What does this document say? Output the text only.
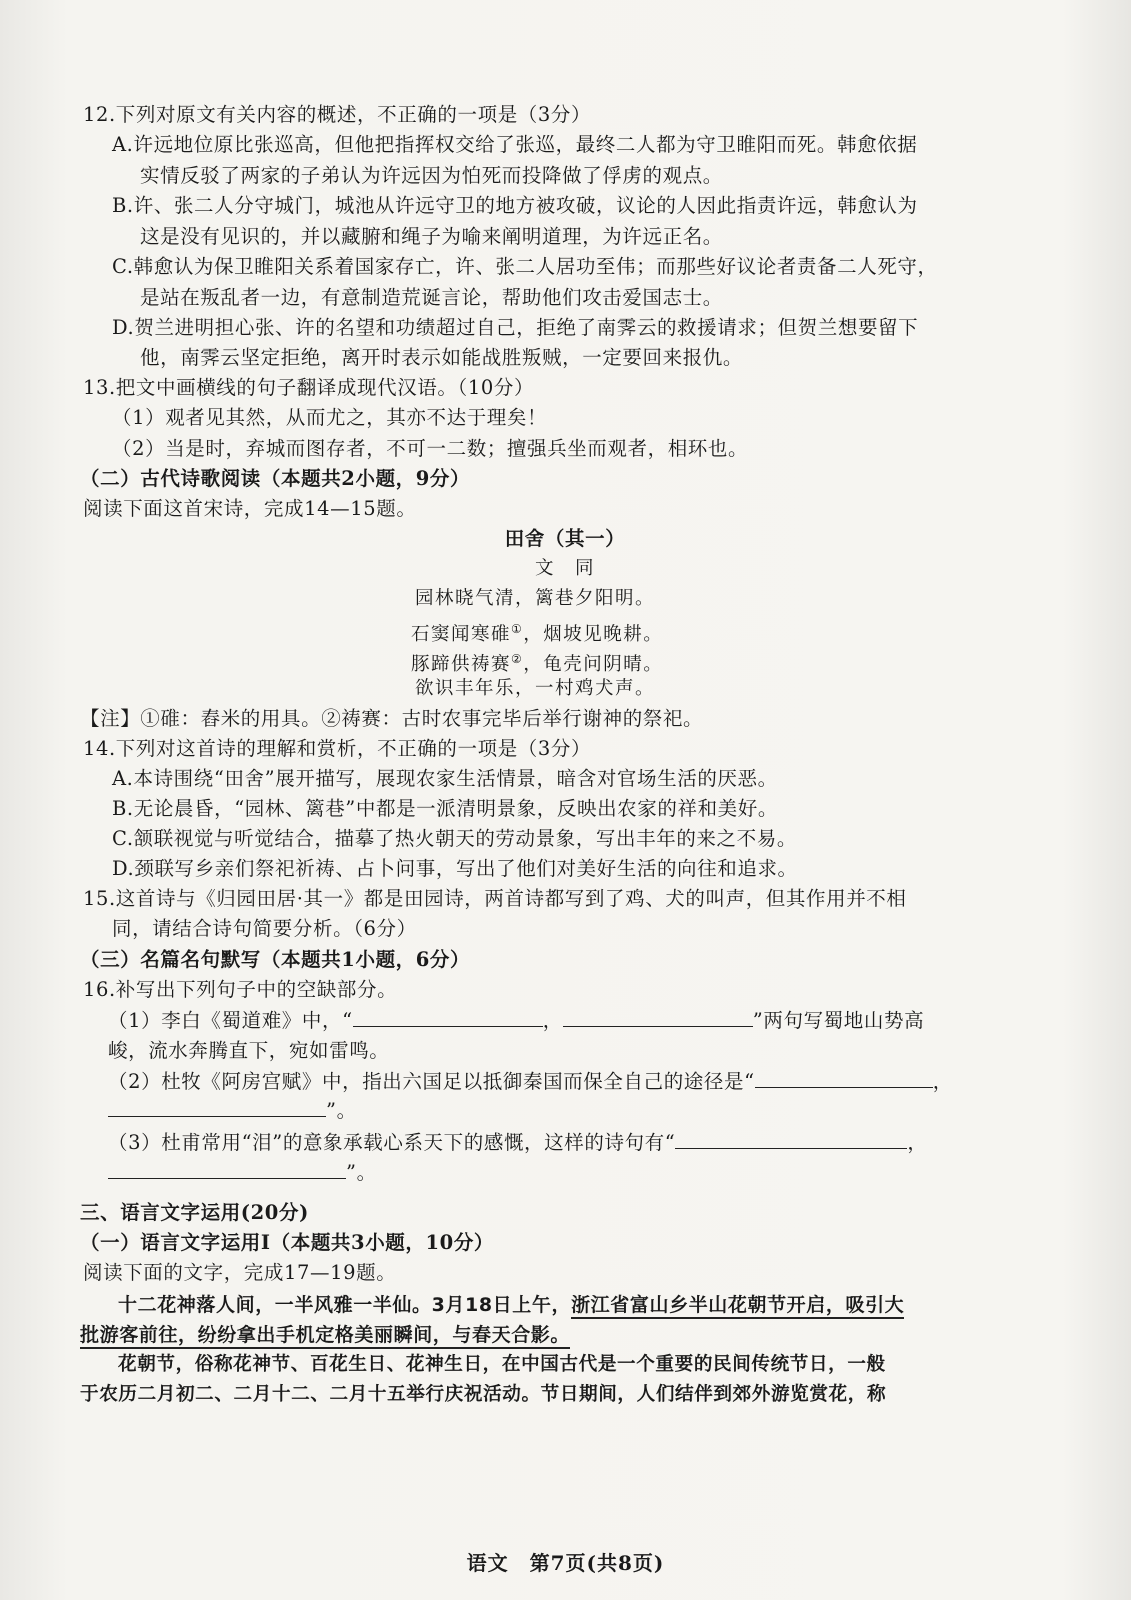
12.下列对原文有关内容的概述，不正确的一项是（3分）
A.许远地位原比张巡高，但他把指挥权交给了张巡，最终二人都为守卫睢阳而死。韩愈依据
实情反驳了两家的子弟认为许远因为怕死而投降做了俘虏的观点。
B.许、张二人分守城门，城池从许远守卫的地方被攻破，议论的人因此指责许远，韩愈认为
这是没有见识的，并以藏腑和绳子为喻来阐明道理，为许远正名。
C.韩愈认为保卫睢阳关系着国家存亡，许、张二人居功至伟；而那些好议论者责备二人死守，
是站在叛乱者一边，有意制造荒诞言论，帮助他们攻击爱国志士。
D.贺兰进明担心张、许的名望和功绩超过自己，拒绝了南霁云的救援请求；但贺兰想要留下
他，南霁云坚定拒绝，离开时表示如能战胜叛贼，一定要回来报仇。
13.把文中画横线的句子翻译成现代汉语。（10分）
（1）观者见其然，从而尤之，其亦不达于理矣！
（2）当是时，弃城而图存者，不可一二数；擅强兵坐而观者，相环也。
（二）古代诗歌阅读（本题共2小题，9分）
阅读下面这首宋诗，完成14—15题。
田舍（其一）
文　同
园林晓气清，篱巷夕阳明。
石窦闻寒碓①，烟坡见晚耕。
豚蹄供祷赛②，龟壳问阴晴。
欲识丰年乐，一村鸡犬声。
【注】①碓：舂米的用具。②祷赛：古时农事完毕后举行谢神的祭祀。
14.下列对这首诗的理解和赏析，不正确的一项是（3分）
A.本诗围绕“田舍”展开描写，展现农家生活情景，暗含对官场生活的厌恶。
B.无论晨昏，“园林、篱巷”中都是一派清明景象，反映出农家的祥和美好。
C.颔联视觉与听觉结合，描摹了热火朝天的劳动景象，写出丰年的来之不易。
D.颈联写乡亲们祭祀祈祷、占卜问事，写出了他们对美好生活的向往和追求。
15.这首诗与《归园田居·其一》都是田园诗，两首诗都写到了鸡、犬的叫声，但其作用并不相
同，请结合诗句简要分析。（6分）
（三）名篇名句默写（本题共1小题，6分）
16.补写出下列句子中的空缺部分。
（1）李白《蜀道难》中，“	，	”两句写蜀地山势高
峻，流水奔腾直下，宛如雷鸣。
（2）杜牧《阿房宫赋》中，指出六国足以抵御秦国而保全自己的途径是“	，
”。
（3）杜甫常用“泪”的意象承载心系天下的感慨，这样的诗句有“	，
”。
三、语言文字运用(20分)
（一）语言文字运用Ⅰ（本题共3小题，10分）
阅读下面的文字，完成17—19题。
十二花神落人间，一半风雅一半仙。3月18日上午，浙江省富山乡半山花朝节开启，吸引大
批游客前往，纷纷拿出手机定格美丽瞬间，与春天合影。
花朝节，俗称花神节、百花生日、花神生日，在中国古代是一个重要的民间传统节日，一般
于农历二月初二、二月十二、二月十五举行庆祝活动。节日期间，人们结伴到郊外游览赏花，称
语文　第7页(共8页)
